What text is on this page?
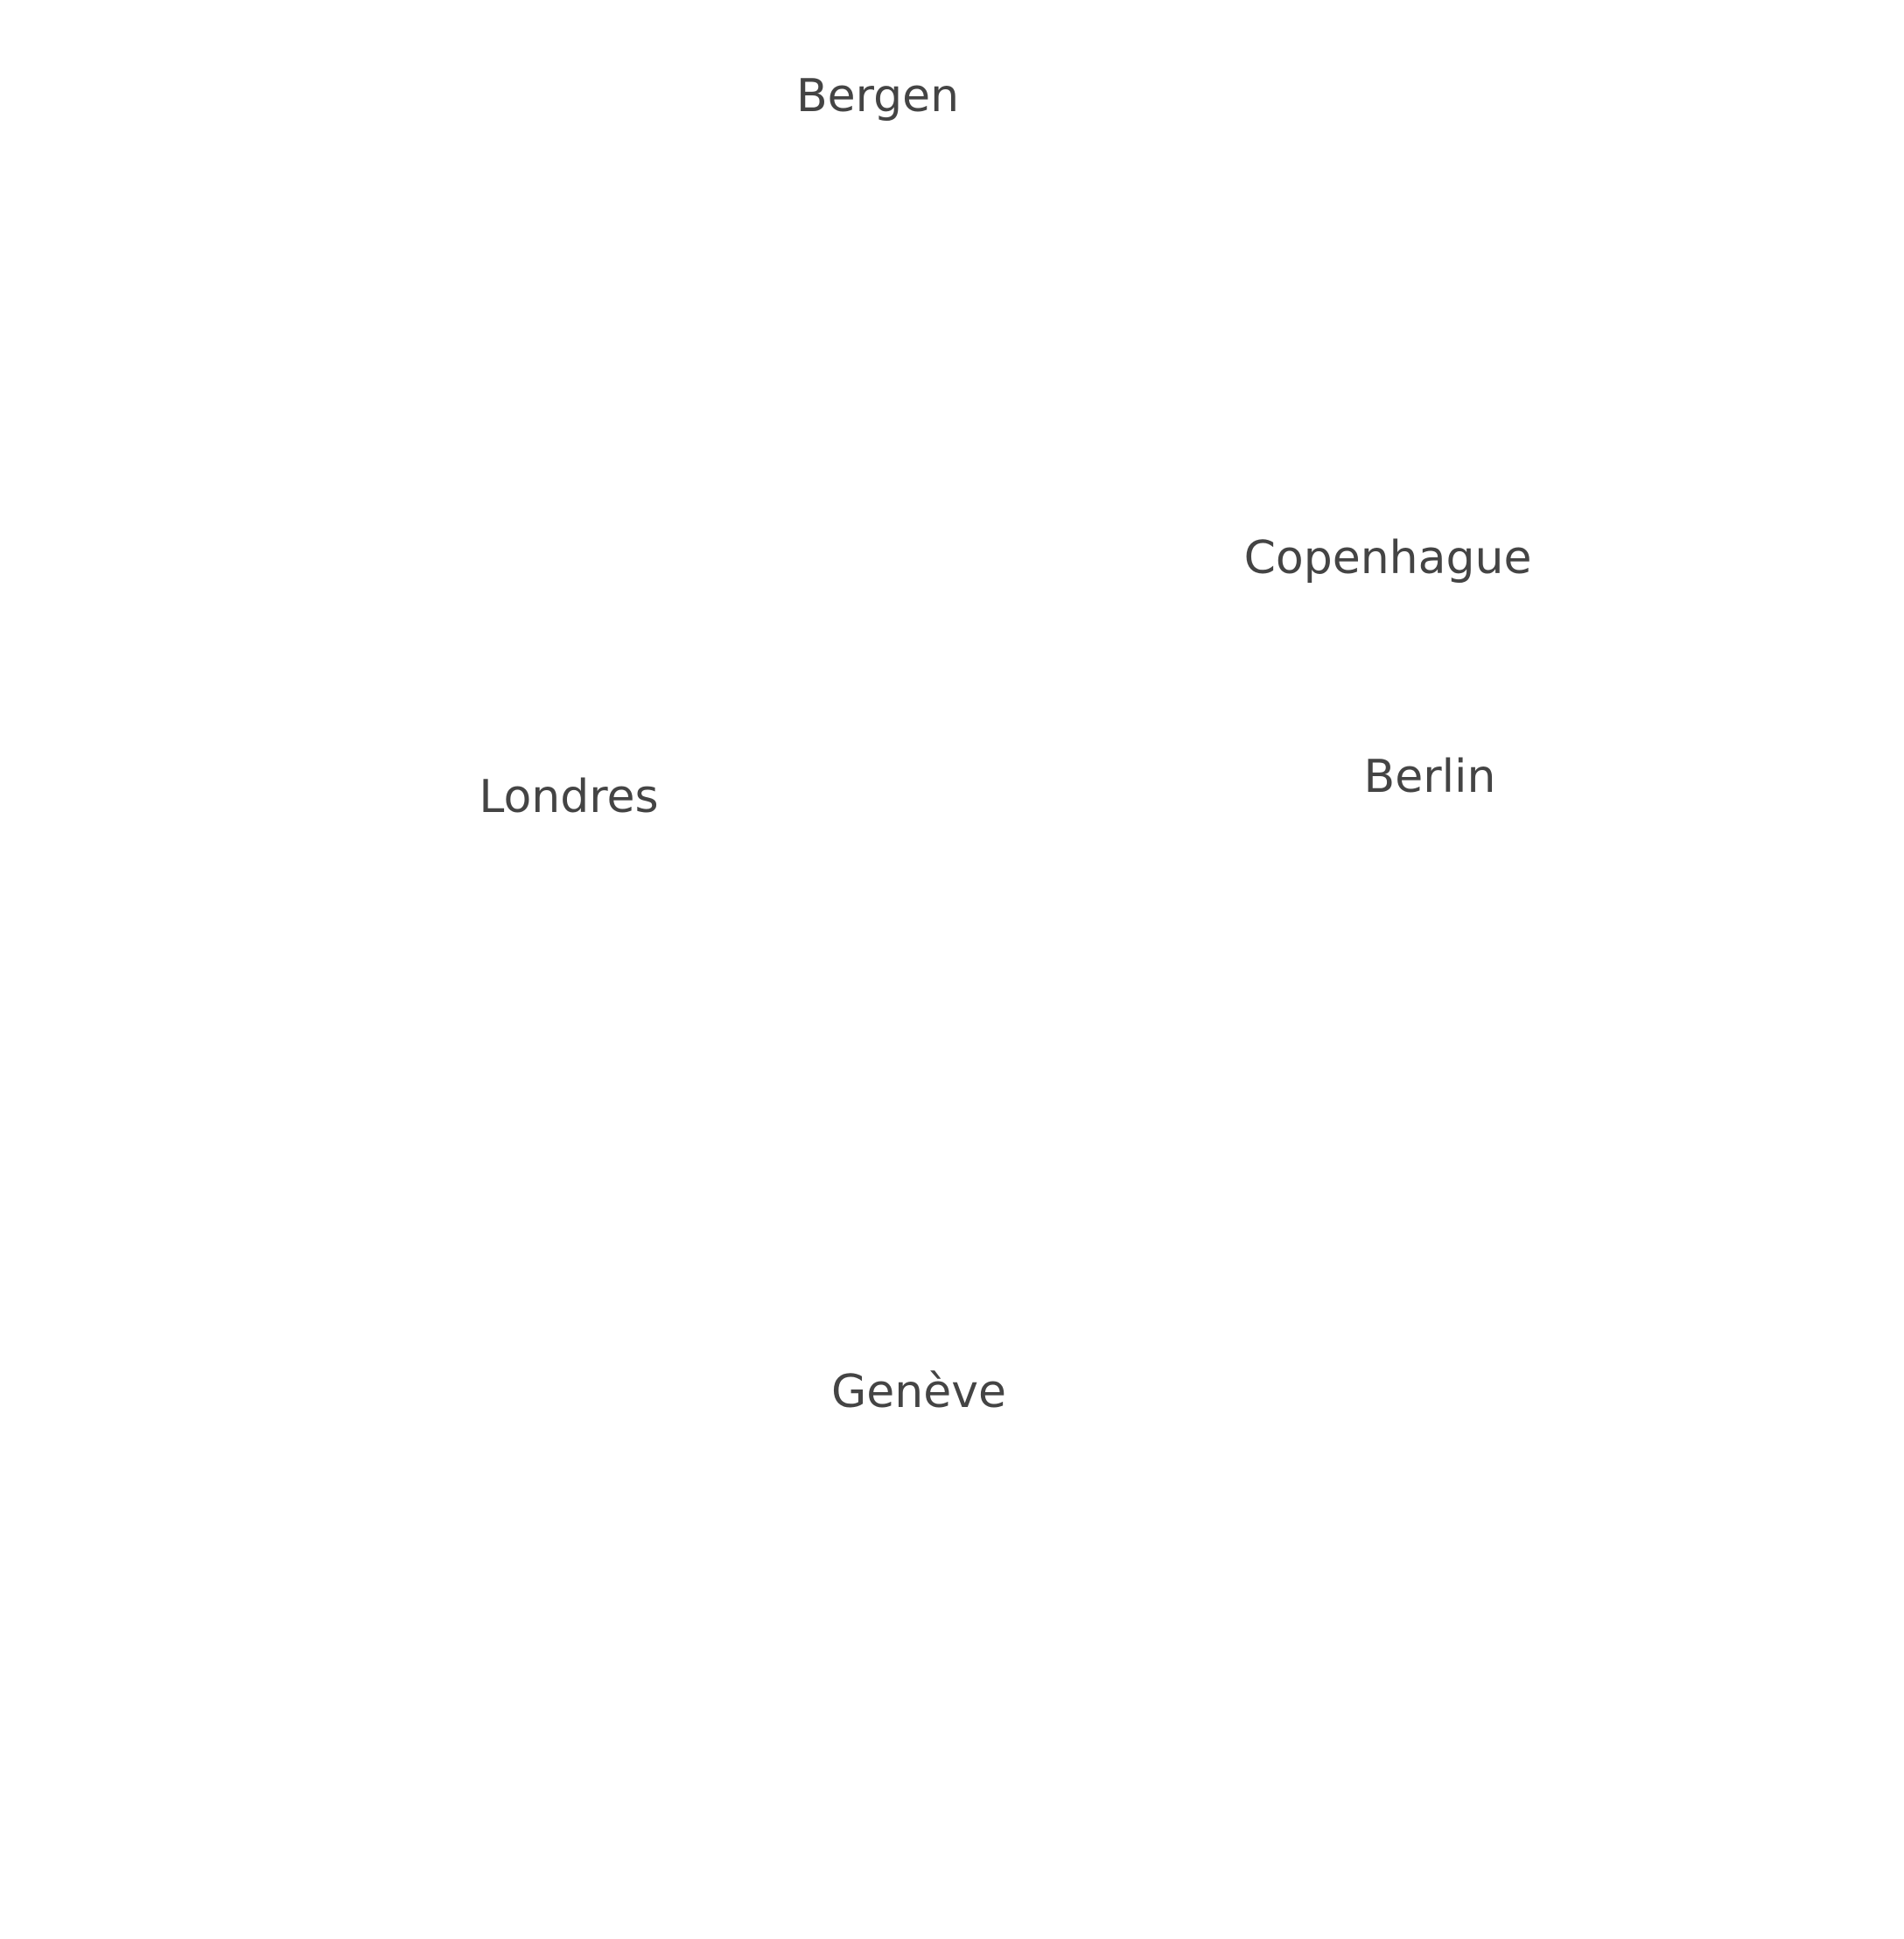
Bergen
Copenhague
Berlin
Londres
Genève
